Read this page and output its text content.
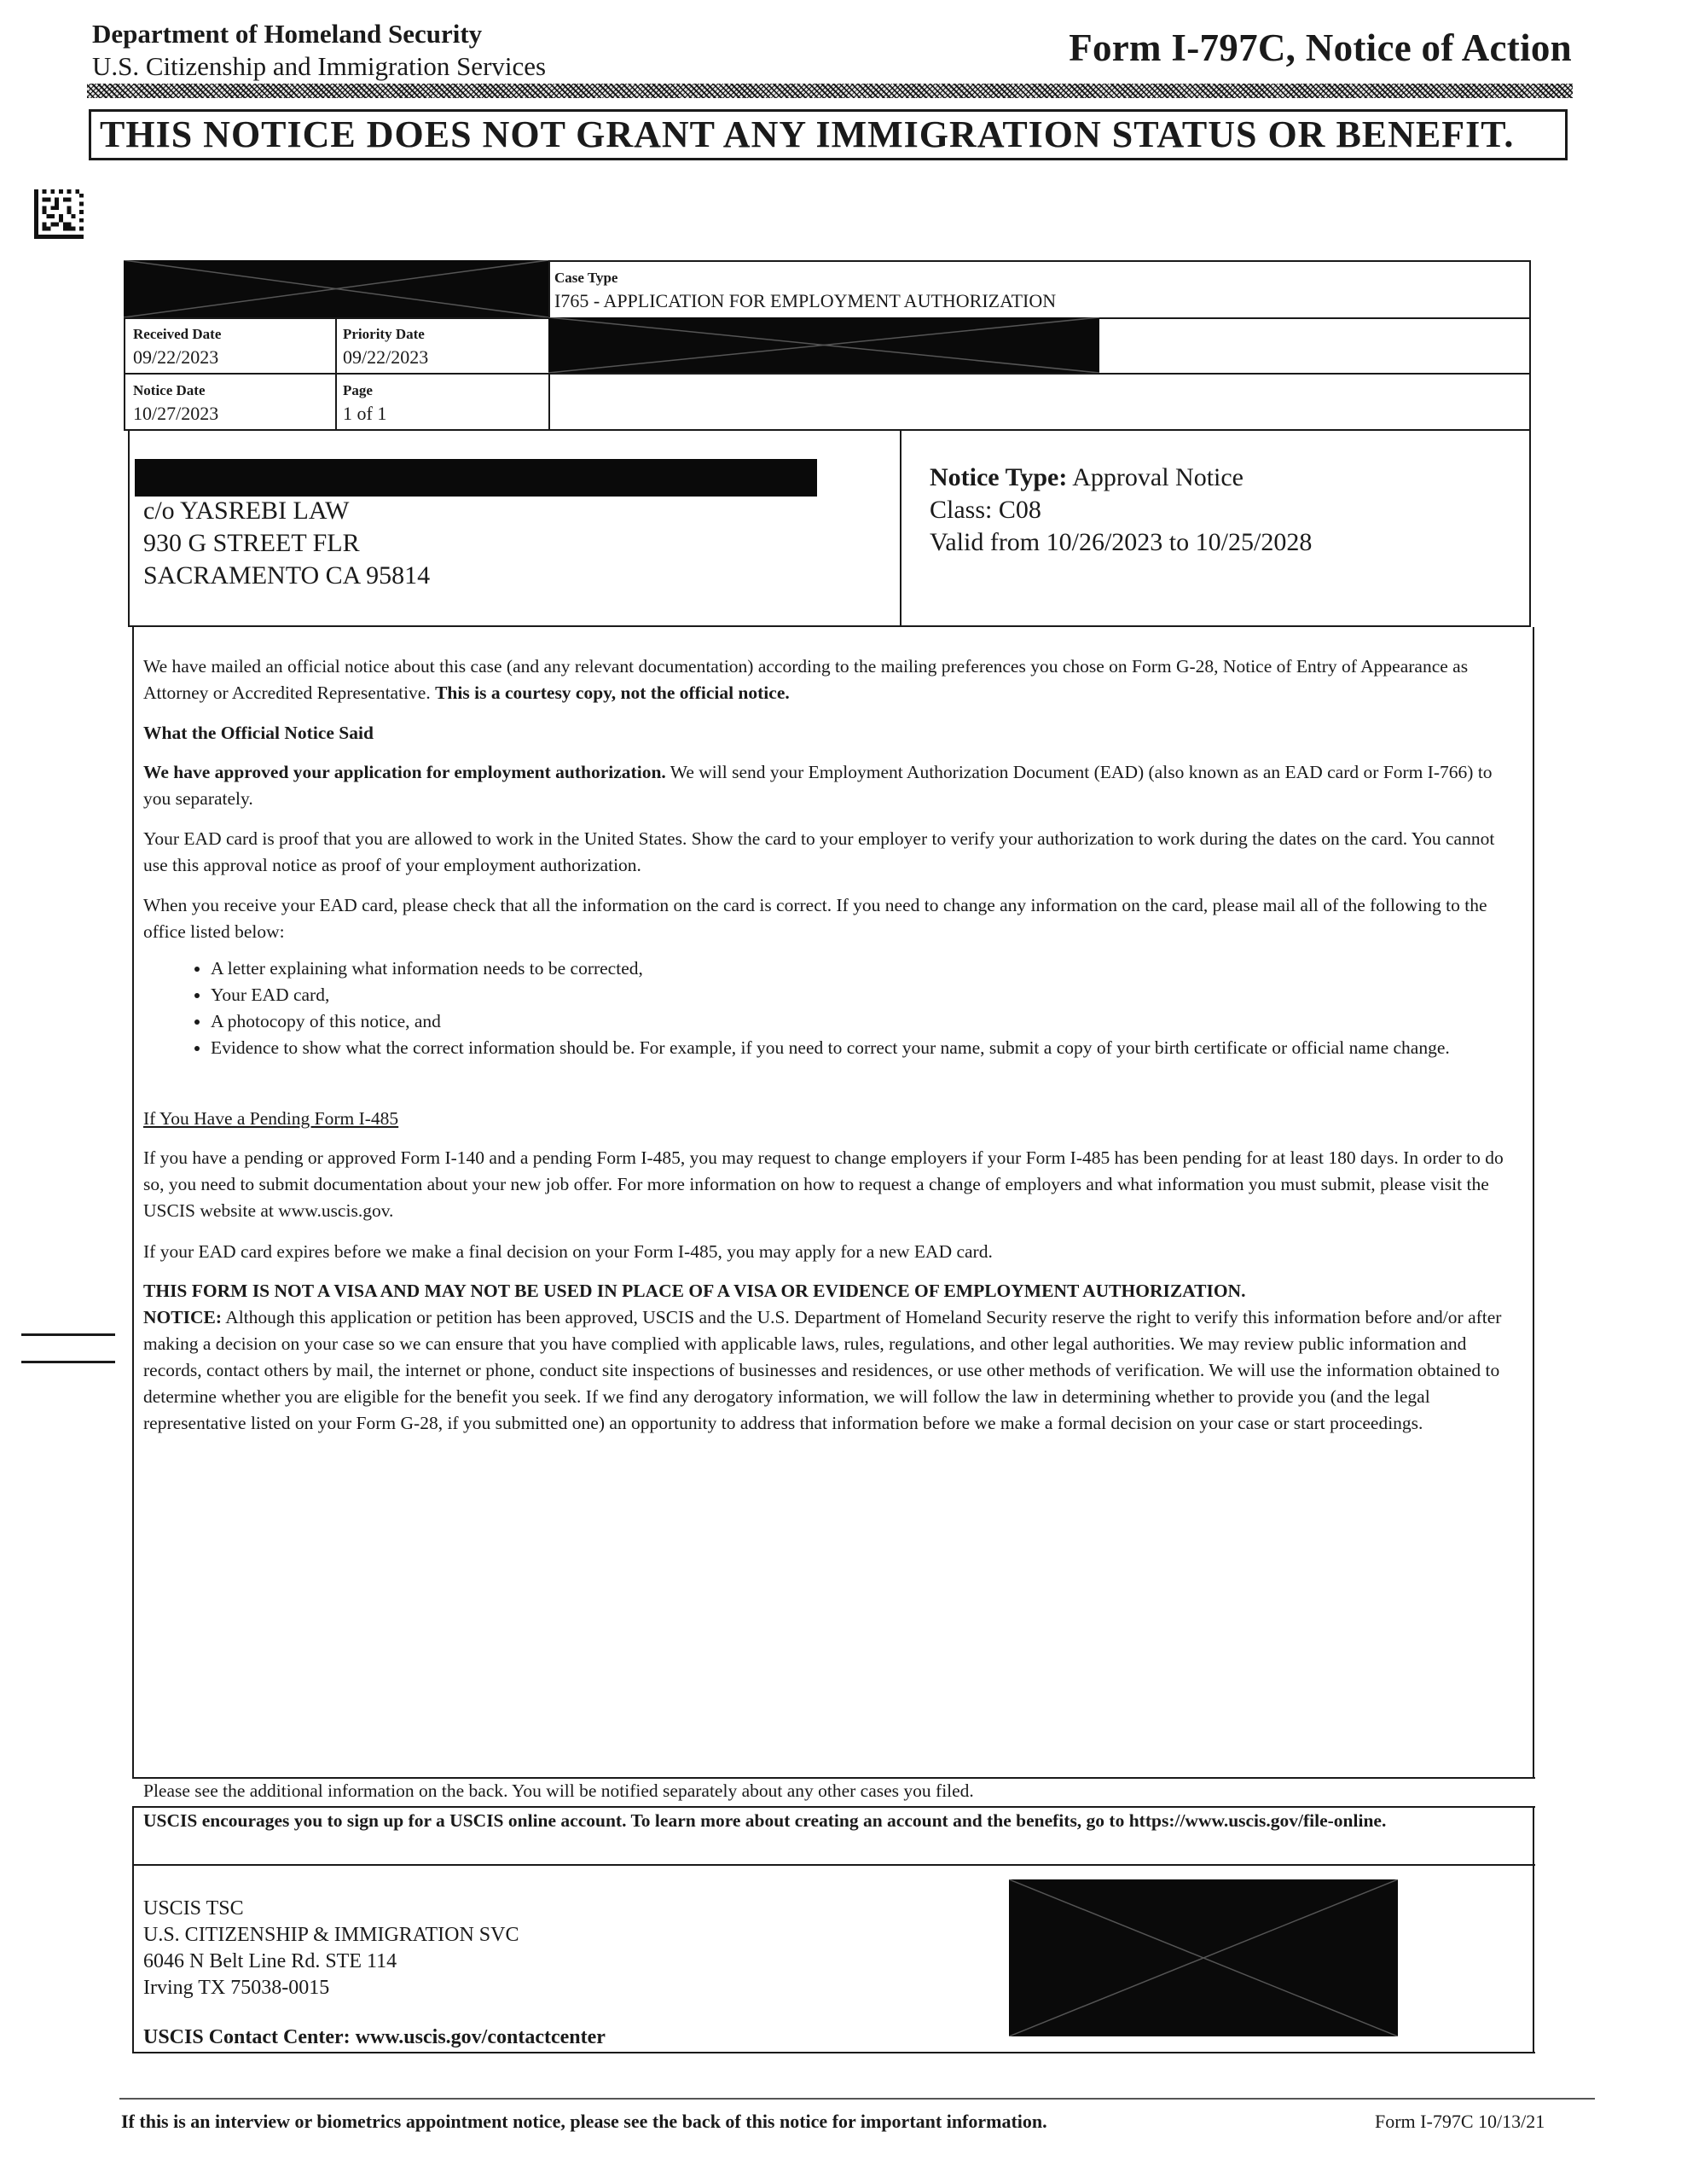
Department of Homeland Security
U.S. Citizenship and Immigration Services	Form I-797C, Notice of Action
THIS NOTICE DOES NOT GRANT ANY IMMIGRATION STATUS OR BENEFIT.
Case Type
I765 - APPLICATION FOR EMPLOYMENT AUTHORIZATION
Received Date
09/22/2023
Priority Date
09/22/2023
Notice Date
10/27/2023
Page
1 of 1
c/o YASREBI LAW
930 G STREET FLR
SACRAMENTO CA 95814
Notice Type: Approval Notice
Class: C08
Valid from 10/26/2023 to 10/25/2028
We have mailed an official notice about this case (and any relevant documentation) according to the mailing preferences you chose on Form G-28, Notice of Entry of Appearance as Attorney or Accredited Representative. This is a courtesy copy, not the official notice.
What the Official Notice Said
We have approved your application for employment authorization. We will send your Employment Authorization Document (EAD) (also known as an EAD card or Form I-766) to you separately.
Your EAD card is proof that you are allowed to work in the United States. Show the card to your employer to verify your authorization to work during the dates on the card. You cannot use this approval notice as proof of your employment authorization.
When you receive your EAD card, please check that all the information on the card is correct. If you need to change any information on the card, please mail all of the following to the office listed below:
• A letter explaining what information needs to be corrected,
• Your EAD card,
• A photocopy of this notice, and
• Evidence to show what the correct information should be. For example, if you need to correct your name, submit a copy of your birth certificate or official name change.
If You Have a Pending Form I-485
If you have a pending or approved Form I-140 and a pending Form I-485, you may request to change employers if your Form I-485 has been pending for at least 180 days. In order to do so, you need to submit documentation about your new job offer. For more information on how to request a change of employers and what information you must submit, please visit the USCIS website at www.uscis.gov.
If your EAD card expires before we make a final decision on your Form I-485, you may apply for a new EAD card.
THIS FORM IS NOT A VISA AND MAY NOT BE USED IN PLACE OF A VISA OR EVIDENCE OF EMPLOYMENT AUTHORIZATION.
NOTICE: Although this application or petition has been approved, USCIS and the U.S. Department of Homeland Security reserve the right to verify this information before and/or after making a decision on your case so we can ensure that you have complied with applicable laws, rules, regulations, and other legal authorities. We may review public information and records, contact others by mail, the internet or phone, conduct site inspections of businesses and residences, or use other methods of verification. We will use the information obtained to determine whether you are eligible for the benefit you seek. If we find any derogatory information, we will follow the law in determining whether to provide you (and the legal representative listed on your Form G-28, if you submitted one) an opportunity to address that information before we make a formal decision on your case or start proceedings.
Please see the additional information on the back. You will be notified separately about any other cases you filed.
USCIS encourages you to sign up for a USCIS online account. To learn more about creating an account and the benefits, go to https://www.uscis.gov/file-online.
USCIS TSC
U.S. CITIZENSHIP & IMMIGRATION SVC
6046 N Belt Line Rd. STE 114
Irving TX 75038-0015
USCIS Contact Center: www.uscis.gov/contactcenter
If this is an interview or biometrics appointment notice, please see the back of this notice for important information.	Form I-797C 10/13/21
